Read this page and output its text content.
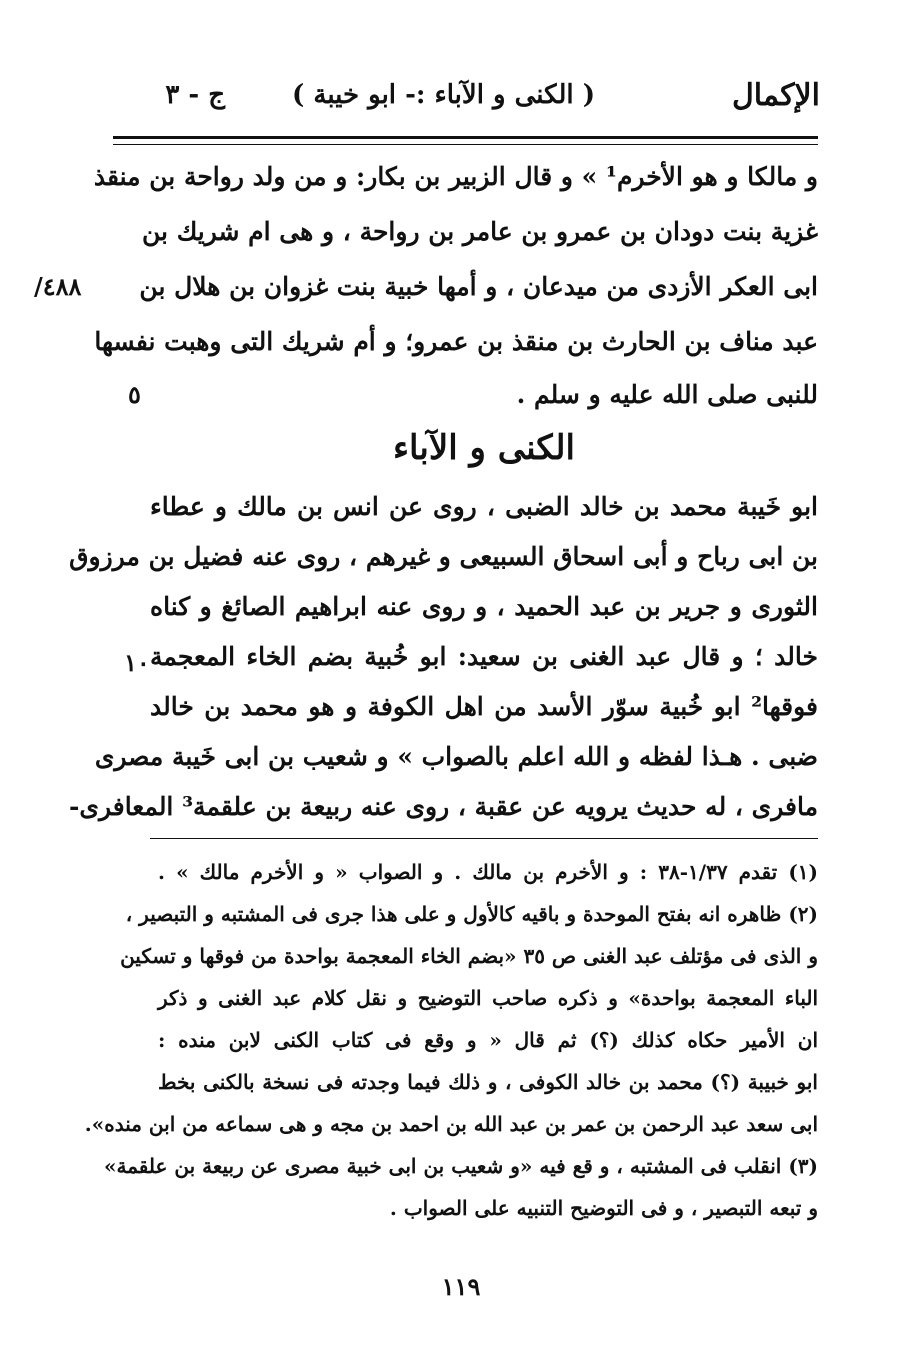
الإكمال
( الكنى و الآباء :- ابو خيبة )
ج - ٣
و مالكا و هو الأخرم¹ » و قال الزبير بن بكار: و من ولد رواحة بن منقذ
غزية بنت دودان بن عمرو بن عامر بن رواحة ، و هى ام شريك بن
ابى العكر الأزدى من ميدعان ، و أمها خبية بنت غزوان بن هلال بن
عبد مناف بن الحارث بن منقذ بن عمرو؛ و أم شريك التى وهبت نفسها
للنبى صلى الله عليه و سلم .
/٤٨٨
٥
الكنى و الآباء
ابو خَيبة محمد بن خالد الضبى ، روى عن انس بن مالك و عطاء
بن ابى رباح و أبى اسحاق السبيعى و غيرهم ، روى عنه فضيل بن مرزوق
الثورى و جرير بن عبد الحميد ، و روى عنه ابراهيم الصائغ و كناه
خالد ؛ و قال عبد الغنى بن سعيد: ابو خُبية بضم الخاء المعجمة
فوقها² ابو خُبية سوّر الأسد من اهل الكوفة و هو محمد بن خالد
ضبى . هـذا لفظه و الله اعلم بالصواب » و شعيب بن ابى خَيبة مصرى
مافرى ، له حديث يرويه عن عقبة ، روى عنه ربيعة بن علقمة³ المعافرى-
١٠
(١) تقدم ١/٣٧-٣٨ : و الأخرم بن مالك . و الصواب « و الأخرم مالك » .
(٢) ظاهره انه بفتح الموحدة و باقيه كالأول و على هذا جرى فى المشتبه و التبصير ،
و الذى فى مؤتلف عبد الغنى ص ٣٥ «بضم الخاء المعجمة بواحدة من فوقها و تسكين
الباء المعجمة بواحدة» و ذكره صاحب التوضيح و نقل كلام عبد الغنى و ذكر
ان الأمير حكاه كذلك (؟) ثم قال « و وقع فى كتاب الكنى لابن منده :
ابو خبيبة (؟) محمد بن خالد الكوفى ، و ذلك فيما وجدته فى نسخة بالكنى بخط
ابى سعد عبد الرحمن بن عمر بن عبد الله بن احمد بن مجه و هى سماعه من ابن منده».
(٣) انقلب فى المشتبه ، و قع فيه «و شعيب بن ابى خبية مصرى عن ربيعة بن علقمة»
و تبعه التبصير ، و فى التوضيح التنبيه على الصواب .
١١٩
